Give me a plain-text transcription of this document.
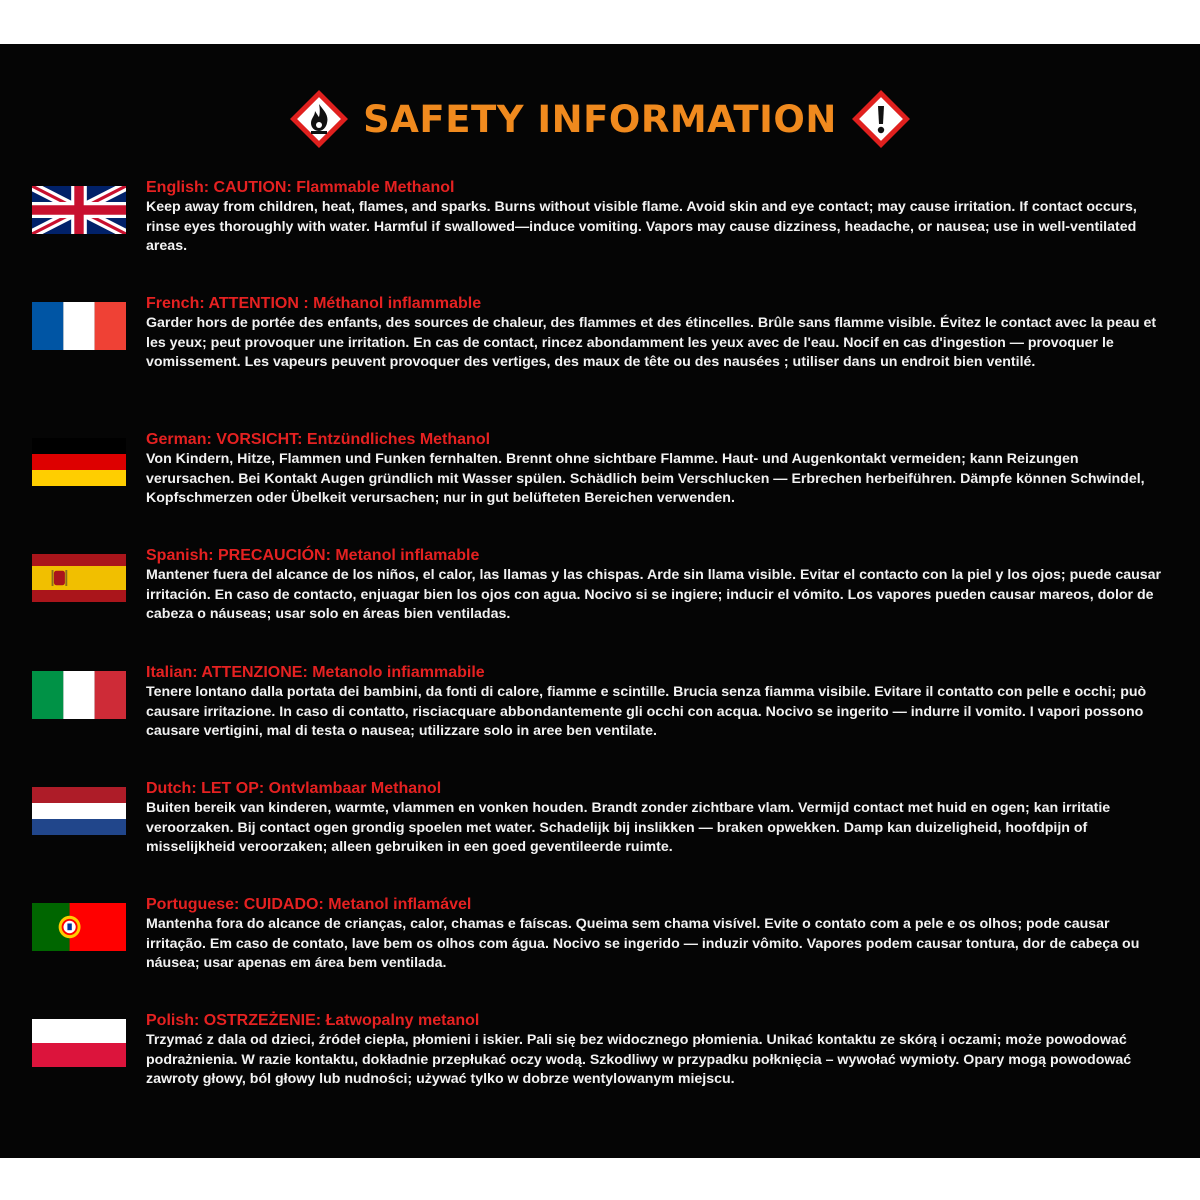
SAFETY INFORMATION
English: CAUTION: Flammable Methanol
Keep away from children, heat, flames, and sparks. Burns without visible flame. Avoid skin and eye contact; may cause irritation. If contact occurs, rinse eyes thoroughly with water. Harmful if swallowed—induce vomiting. Vapors may cause dizziness, headache, or nausea; use in well-ventilated areas.
French: ATTENTION : Méthanol inflammable
Garder hors de portée des enfants, des sources de chaleur, des flammes et des étincelles. Brûle sans flamme visible. Évitez le contact avec la peau et les yeux; peut provoquer une irritation. En cas de contact, rincez abondamment les yeux avec de l'eau. Nocif en cas d'ingestion — provoquer le vomissement. Les vapeurs peuvent provoquer des vertiges, des maux de tête ou des nausées ; utiliser dans un endroit bien ventilé.
German: VORSICHT: Entzündliches Methanol
Von Kindern, Hitze, Flammen und Funken fernhalten. Brennt ohne sichtbare Flamme. Haut- und Augenkontakt vermeiden; kann Reizungen verursachen. Bei Kontakt Augen gründlich mit Wasser spülen. Schädlich beim Verschlucken — Erbrechen herbeiführen. Dämpfe können Schwindel, Kopfschmerzen oder Übelkeit verursachen; nur in gut belüfteten Bereichen verwenden.
Spanish: PRECAUCIÓN: Metanol inflamable
Mantener fuera del alcance de los niños, el calor, las llamas y las chispas. Arde sin llama visible. Evitar el contacto con la piel y los ojos; puede causar irritación. En caso de contacto, enjuagar bien los ojos con agua. Nocivo si se ingiere; inducir el vómito. Los vapores pueden causar mareos, dolor de cabeza o náuseas; usar solo en áreas bien ventiladas.
Italian: ATTENZIONE: Metanolo infiammabile
Tenere lontano dalla portata dei bambini, da fonti di calore, fiamme e scintille. Brucia senza fiamma visibile. Evitare il contatto con pelle e occhi; può causare irritazione. In caso di contatto, risciacquare abbondantemente gli occhi con acqua. Nocivo se ingerito — indurre il vomito. I vapori possono causare vertigini, mal di testa o nausea; utilizzare solo in aree ben ventilate.
Dutch: LET OP: Ontvlambaar Methanol
Buiten bereik van kinderen, warmte, vlammen en vonken houden. Brandt zonder zichtbare vlam. Vermijd contact met huid en ogen; kan irritatie veroorzaken. Bij contact ogen grondig spoelen met water. Schadelijk bij inslikken — braken opwekken. Damp kan duizeligheid, hoofdpijn of misselijkheid veroorzaken; alleen gebruiken in een goed geventileerde ruimte.
Portuguese: CUIDADO: Metanol inflamável
Mantenha fora do alcance de crianças, calor, chamas e faíscas. Queima sem chama visível. Evite o contato com a pele e os olhos; pode causar irritação. Em caso de contato, lave bem os olhos com água. Nocivo se ingerido — induzir vômito. Vapores podem causar tontura, dor de cabeça ou náusea; usar apenas em área bem ventilada.
Polish: OSTRZEŻENIE: Łatwopalny metanol
Trzymać z dala od dzieci, źródeł ciepła, płomieni i iskier. Pali się bez widocznego płomienia. Unikać kontaktu ze skórą i oczami; może powodować podrażnienia. W razie kontaktu, dokładnie przepłukać oczy wodą. Szkodliwy w przypadku połknięcia – wywołać wymioty. Opary mogą powodować zawroty głowy, ból głowy lub nudności; używać tylko w dobrze wentylowanym miejscu.
